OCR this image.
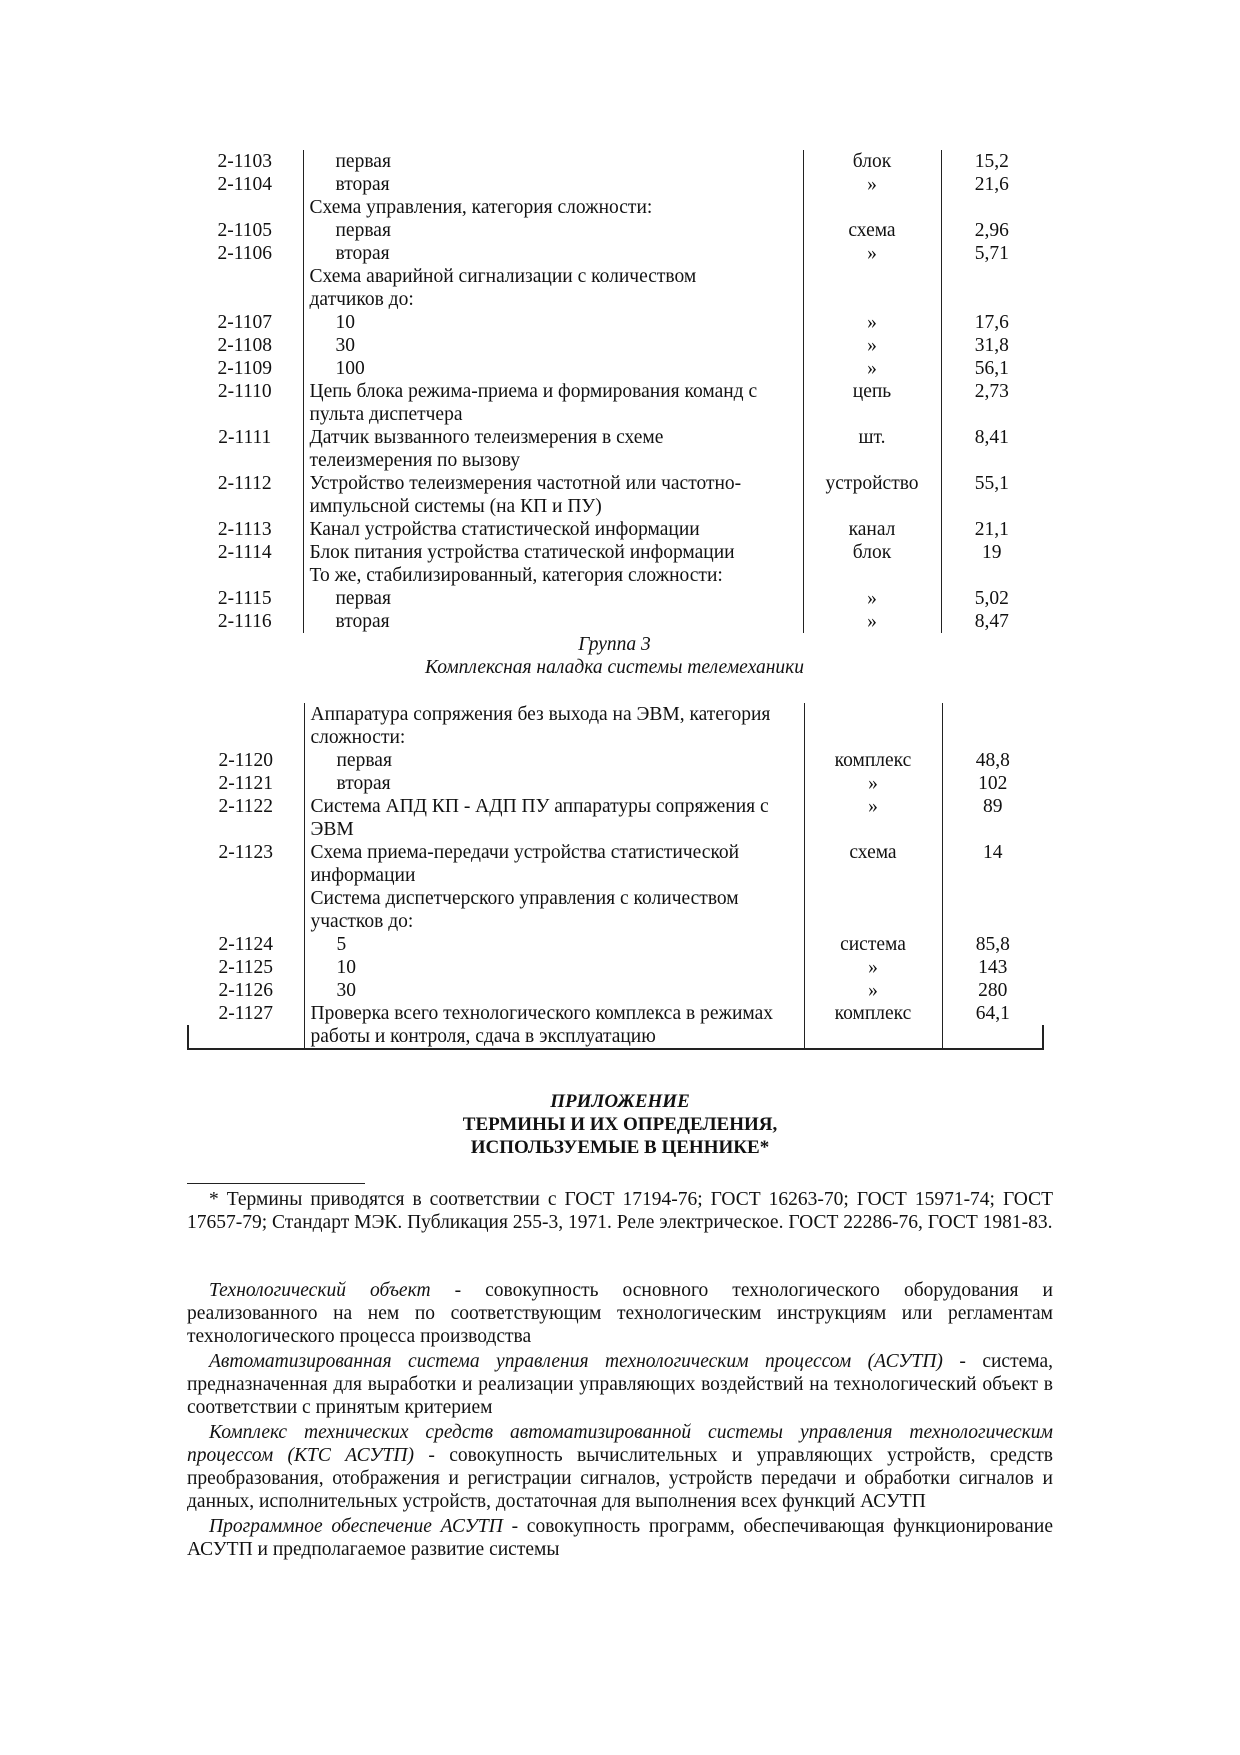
2-1103	первая	блок	15,2
2-1104	вторая	»	21,6
	Схема управления, категория сложности:		
2-1105	первая	схема	2,96
2-1106	вторая	»	5,71
	Схема аварийной сигнализации с количеством		
	датчиков до:		
2-1107	10	»	17,6
2-1108	30	»	31,8
2-1109	100	»	56,1
2-1110	Цепь блока режима-приема и формирования команд с	цепь	2,73
	пульта диспетчера		
2-1111	Датчик вызванного телеизмерения в схеме	шт.	8,41
	телеизмерения по вызову		
2-1112	Устройство телеизмерения частотной или частотно-	устройство	55,1
	импульсной системы (на КП и ПУ)		
2-1113	Канал устройства статистической информации	канал	21,1
2-1114	Блок питания устройства статической информации	блок	19
	То же, стабилизированный, категория сложности:		
2-1115	первая	»	5,02
2-1116	вторая	»	8,47
Группа 3
Комплексная наладка системы телемеханики
	Аппаратура сопряжения без выхода на ЭВМ, категория		
	сложности:		
2-1120	первая	комплекс	48,8
2-1121	вторая	»	102
2-1122	Система АПД КП - АДП ПУ аппаратуры сопряжения с	»	89
	ЭВМ		
2-1123	Схема приема-передачи устройства статистической	схема	14
	информации		
	Система диспетчерского управления с количеством		
	участков до:		
2-1124	5	система	85,8
2-1125	10	»	143
2-1126	30	»	280
2-1127	Проверка всего технологического комплекса в режимах	комплекс	64,1
	работы и контроля, сдача в эксплуатацию		
ПРИЛОЖЕНИЕ
ТЕРМИНЫ И ИХ ОПРЕДЕЛЕНИЯ,
ИСПОЛЬЗУЕМЫЕ В ЦЕННИКЕ*
* Термины приводятся в соответствии с ГОСТ 17194-76; ГОСТ 16263-70; ГОСТ 15971-74; ГОСТ 17657-79; Стандарт МЭК. Публикация 255-3, 1971. Реле электрическое. ГОСТ 22286-76, ГОСТ 1981-83.

Технологический объект - совокупность основного технологического оборудования и реализованного на нем по соответствующим технологическим инструкциям или регламентам технологического процесса производства

Автоматизированная система управления технологическим процессом (АСУТП) - система, предназначенная для выработки и реализации управляющих воздействий на технологический объект в соответствии с принятым критерием

Комплекс технических средств автоматизированной системы управления технологическим процессом (КТС АСУТП) - совокупность вычислительных и управляющих устройств, средств преобразования, отображения и регистрации сигналов, устройств передачи и обработки сигналов и данных, исполнительных устройств, достаточная для выполнения всех функций АСУТП

Программное обеспечение АСУТП - совокупность программ, обеспечивающая функционирование АСУТП и предполагаемое развитие системы
